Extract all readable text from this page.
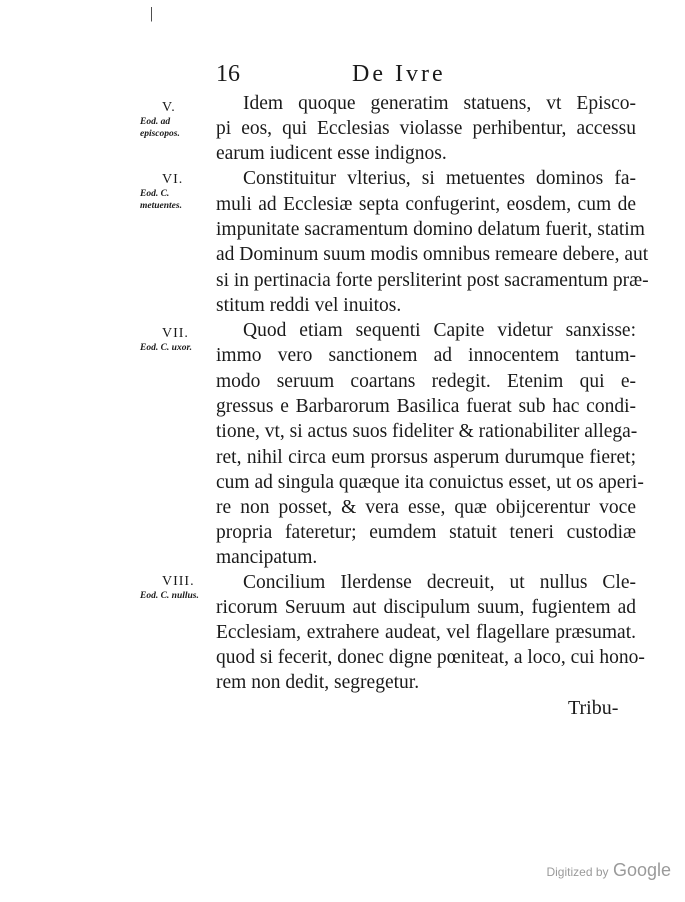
|
16	De Ivre
V.
Eod. ad episcopos.
VI.
Eod. C. metuentes.
VII.
Eod. C. uxor.
VIII.
Eod. C. nullus.
Idem quoque generatim statuens, vt Episco-
pi eos, qui Ecclesias violasse perhibentur, accessu
earum iudicent esse indignos.
Constituitur vlterius, si metuentes dominos fa-
muli ad Ecclesiæ septa confugerint, eosdem, cum de
impunitate sacramentum domino delatum fuerit, statim
ad Dominum suum modis omnibus remeare debere, aut
si in pertinacia forte persliterint post sacramentum præ-
stitum reddi vel inuitos.
Quod etiam sequenti Capite videtur sanxisse:
immo vero sanctionem ad innocentem tantum-
modo seruum coartans redegit. Etenim qui e-
gressus e Barbarorum Basilica fuerat sub hac condi-
tione, vt, si actus suos fideliter & rationabiliter allega-
ret, nihil circa eum prorsus asperum durumque fieret;
cum ad singula quæque ita conuictus esset, ut os aperi-
re non posset, & vera esse, quæ obijcerentur voce
propria fateretur; eumdem statuit teneri custodiæ
mancipatum.
Concilium Ilerdense decreuit, ut nullus Cle-
ricorum Seruum aut discipulum suum, fugientem ad
Ecclesiam, extrahere audeat, vel flagellare præsumat.
quod si fecerit, donec digne pœniteat, a loco, cui hono-
rem non dedit, segregetur.
Tribu-
Digitized by Google
